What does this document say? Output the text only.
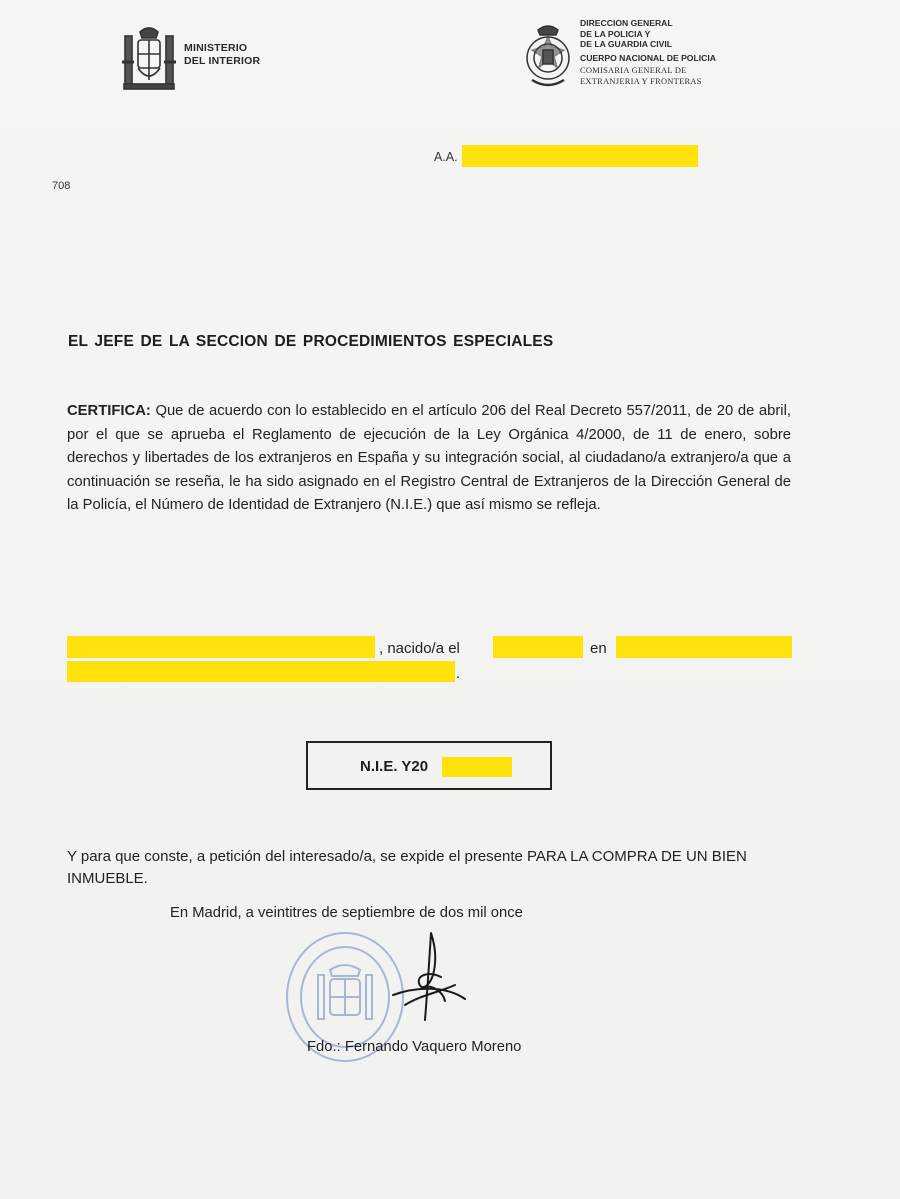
MINISTERIO
DEL INTERIOR
DIRECCION GENERAL
DE LA POLICIA Y
DE LA GUARDIA CIVIL
CUERPO NACIONAL DE POLICIA
COMISARIA GENERAL DE
EXTRANJERIA Y FRONTERAS
A.A.
708
EL JEFE DE LA SECCION DE PROCEDIMIENTOS ESPECIALES
CERTIFICA: Que de acuerdo con lo establecido en el artículo 206 del Real Decreto 557/2011, de 20 de abril, por el que se aprueba el Reglamento de ejecución de la Ley Orgánica 4/2000, de 11 de enero, sobre derechos y libertades de los extranjeros en España y su integración social, al ciudadano/a extranjero/a que a continuación se reseña, le ha sido asignado en el Registro Central de Extranjeros de la Dirección General de la Policía, el Número de Identidad de Extranjero (N.I.E.) que así mismo se refleja.
, nacido/a el	en
.
N.I.E. Y20
Y para que conste, a petición del interesado/a, se expide el presente PARA LA COMPRA DE UN BIEN INMUEBLE.
En Madrid, a veintitres de septiembre de dos mil once
Fdo.: Fernando Vaquero Moreno
